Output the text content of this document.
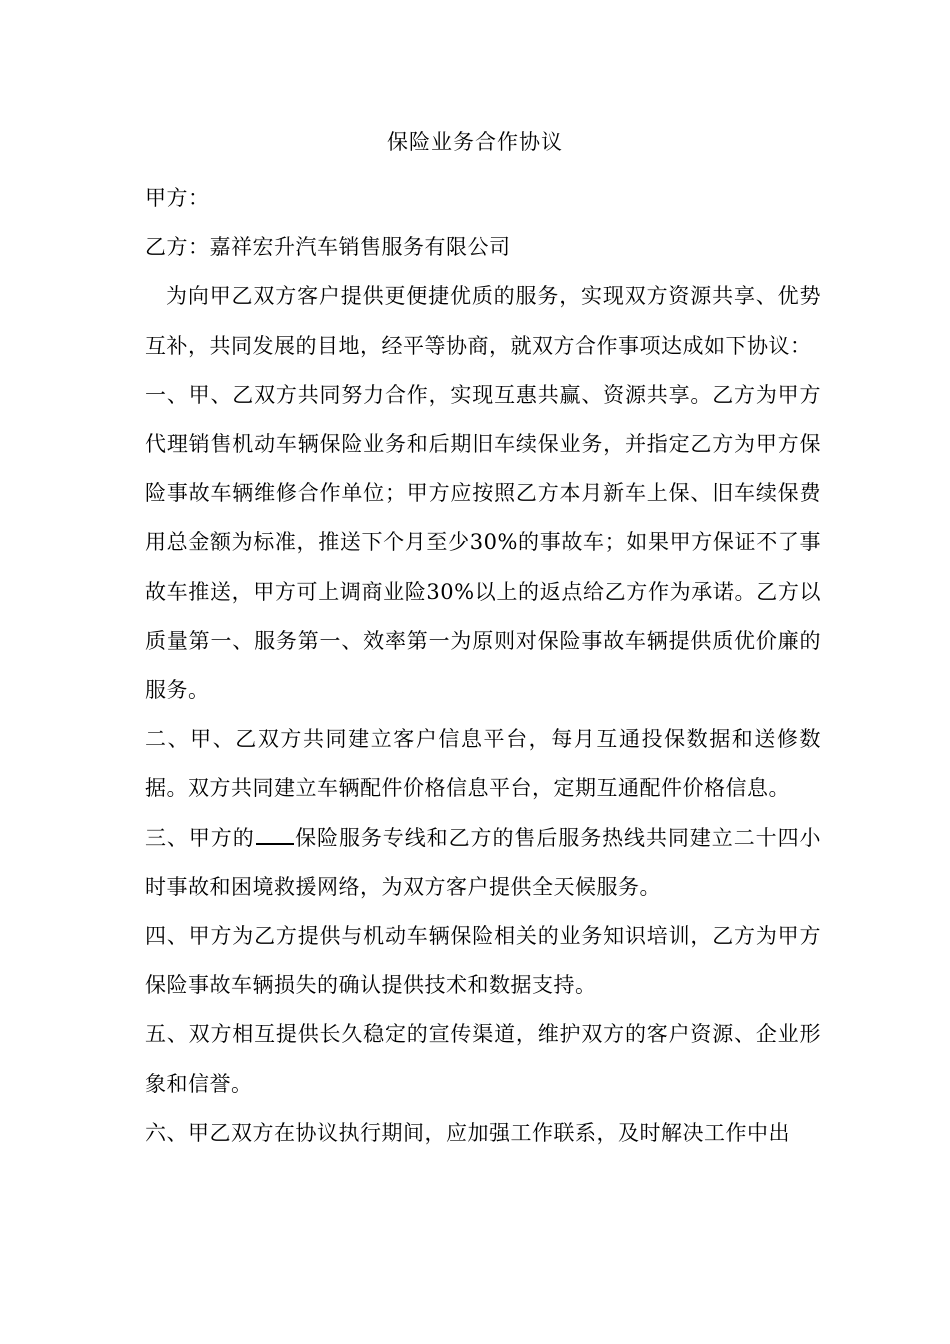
保险业务合作协议

甲方：

乙方：嘉祥宏升汽车销售服务有限公司

为向甲乙双方客户提供更便捷优质的服务，实现双方资源共享、优势互补，共同发展的目地，经平等协商，就双方合作事项达成如下协议：

一、甲、乙双方共同努力合作，实现互惠共赢、资源共享。乙方为甲方代理销售机动车辆保险业务和后期旧车续保业务，并指定乙方为甲方保险事故车辆维修合作单位；甲方应按照乙方本月新车上保、旧车续保费用总金额为标准，推送下个月至少30%的事故车；如果甲方保证不了事故车推送，甲方可上调商业险30%以上的返点给乙方作为承诺。乙方以质量第一、服务第一、效率第一为原则对保险事故车辆提供质优价廉的服务。

二、甲、乙双方共同建立客户信息平台，每月互通投保数据和送修数据。双方共同建立车辆配件价格信息平台，定期互通配件价格信息。

三、甲方的 保险服务专线和乙方的售后服务热线共同建立二十四小时事故和困境救援网络，为双方客户提供全天候服务。

四、甲方为乙方提供与机动车辆保险相关的业务知识培训，乙方为甲方保险事故车辆损失的确认提供技术和数据支持。

五、双方相互提供长久稳定的宣传渠道，维护双方的客户资源、企业形象和信誉。

六、甲乙双方在协议执行期间，应加强工作联系，及时解决工作中出
